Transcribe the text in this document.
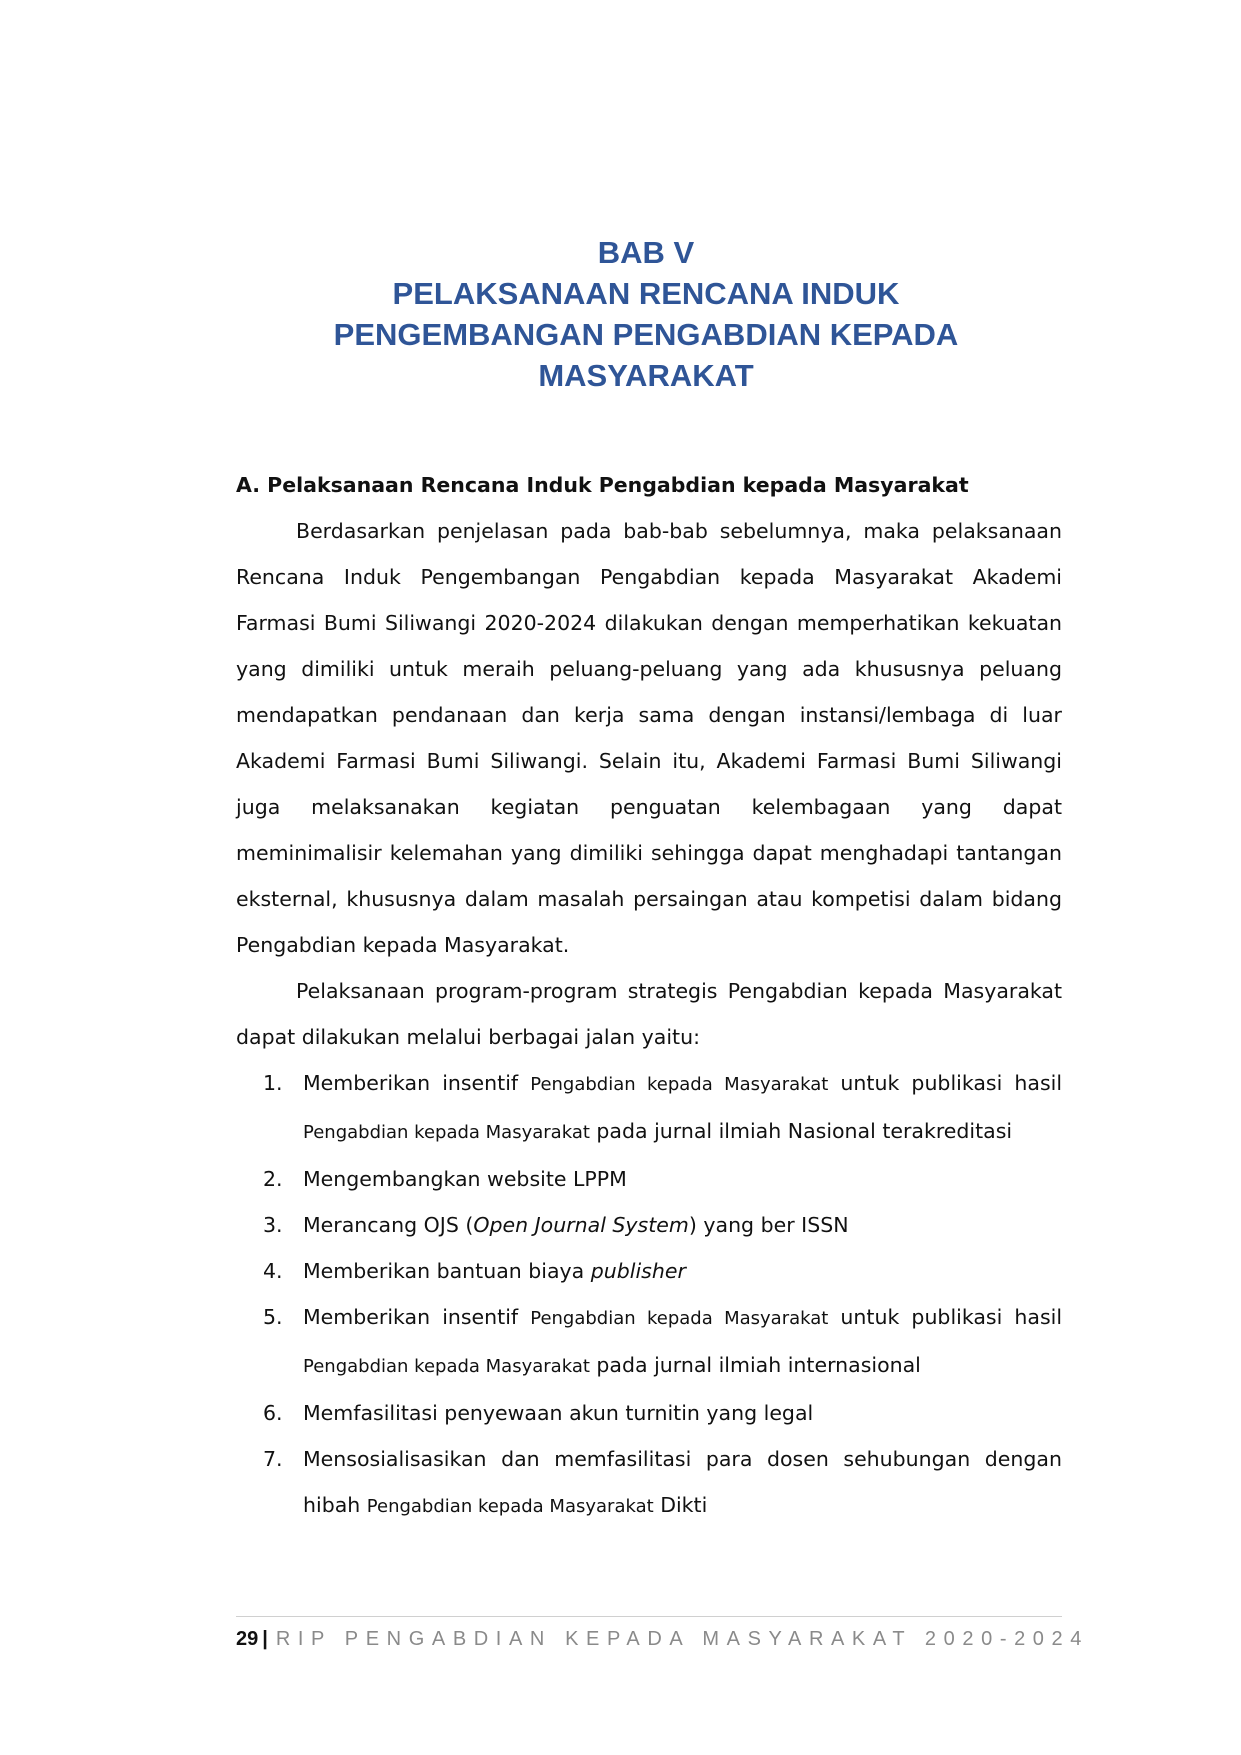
BAB V
PELAKSANAAN RENCANA INDUK
PENGEMBANGAN PENGABDIAN KEPADA
MASYARAKAT
A. Pelaksanaan Rencana Induk Pengabdian kepada Masyarakat

Berdasarkan penjelasan pada bab-bab sebelumnya, maka pelaksanaan Rencana Induk Pengembangan Pengabdian kepada Masyarakat Akademi Farmasi Bumi Siliwangi 2020-2024 dilakukan dengan memperhatikan kekuatan yang dimiliki untuk meraih peluang-peluang yang ada khususnya peluang mendapatkan pendanaan dan kerja sama dengan instansi/lembaga di luar Akademi Farmasi Bumi Siliwangi. Selain itu, Akademi Farmasi Bumi Siliwangi juga melaksanakan kegiatan penguatan kelembagaan yang dapat meminimalisir kelemahan yang dimiliki sehingga dapat menghadapi tantangan eksternal, khususnya dalam masalah persaingan atau kompetisi dalam bidang Pengabdian kepada Masyarakat.

Pelaksanaan program-program strategis Pengabdian kepada Masyarakat dapat dilakukan melalui berbagai jalan yaitu:

1. Memberikan insentif Pengabdian kepada Masyarakat untuk publikasi hasil Pengabdian kepada Masyarakat pada jurnal ilmiah Nasional terakreditasi
2. Mengembangkan website LPPM
3. Merancang OJS (Open Journal System) yang ber ISSN
4. Memberikan bantuan biaya publisher
5. Memberikan insentif Pengabdian kepada Masyarakat untuk publikasi hasil Pengabdian kepada Masyarakat pada jurnal ilmiah internasional
6. Memfasilitasi penyewaan akun turnitin yang legal
7. Mensosialisasikan dan memfasilitasi para dosen sehubungan dengan hibah Pengabdian kepada Masyarakat Dikti
29 | RIP PENGABDIAN KEPADA MASYARAKAT 2020-2024
